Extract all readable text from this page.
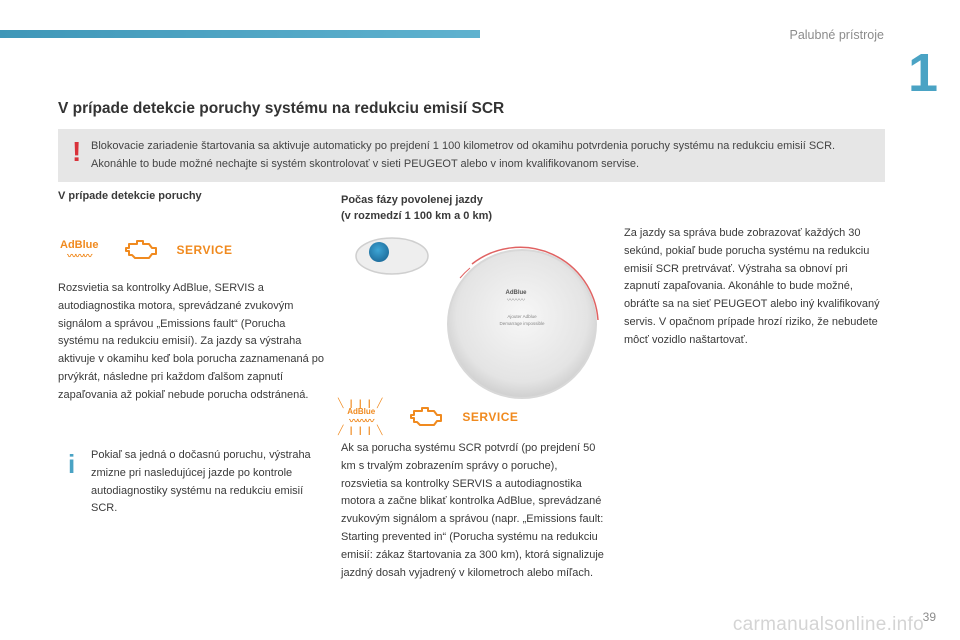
Palubné prístroje
1
V prípade detekcie poruchy systému na redukciu emisií SCR
! Blokovacie zariadenie štartovania sa aktivuje automaticky po prejdení 1 100 kilometrov od okamihu potvrdenia poruchy systému na redukciu emisií SCR. Akonáhle to bude možné nechajte si systém skontrolovať v sieti PEUGEOT alebo v inom kvalifikovanom servise.

V prípade detekcie poruchy
AdBlue
〰〰〰	SERVICE

Rozsvietia sa kontrolky AdBlue, SERVIS a autodiagnostika motora, sprevádzané zvukovým signálom a správou „Emissions fault“ (Porucha systému na redukciu emisií). Za jazdy sa výstraha aktivuje v okamihu keď bola porucha zaznamenaná po prvýkrát, následne pri každom ďalšom zapnutí zapaľovania až pokiaľ nebude porucha odstránená.

i Pokiaľ sa jedná o dočasnú poruchu, výstraha zmizne pri nasledujúcej jazde po kontrole autodiagnostiky systému na redukciu emisií SCR.

Počas fázy povolenej jazdy
(v rozmedzí 1 100 km a 0 km)
AdBlue
〰〰〰
Ajouter Adblue
Demarrage impossible
╲ | | | ╱
AdBlue
〰〰〰
╱ | | | ╲
SERVICE

Ak sa porucha systému SCR potvrdí (po prejdení 50 km s trvalým zobrazením správy o poruche), rozsvietia sa kontrolky SERVIS a autodiagnostika motora a začne blikať kontrolka AdBlue, sprevádzané zvukovým signálom a správou (napr. „Emissions fault: Starting prevented in“ (Porucha systému na redukciu emisií: zákaz štartovania za 300 km), ktorá signalizuje jazdný dosah vyjadrený v kilometroch alebo míľach.

Za jazdy sa správa bude zobrazovať každých 30 sekúnd, pokiaľ bude porucha systému na redukciu emisií SCR pretrvávať. Výstraha sa obnoví pri zapnutí zapaľovania. Akonáhle to bude možné, obráťte sa na sieť PEUGEOT alebo iný kvalifikovaný servis. V opačnom prípade hrozí riziko, že nebudete môcť vozidlo naštartovať.

39
carmanualsonline.info
